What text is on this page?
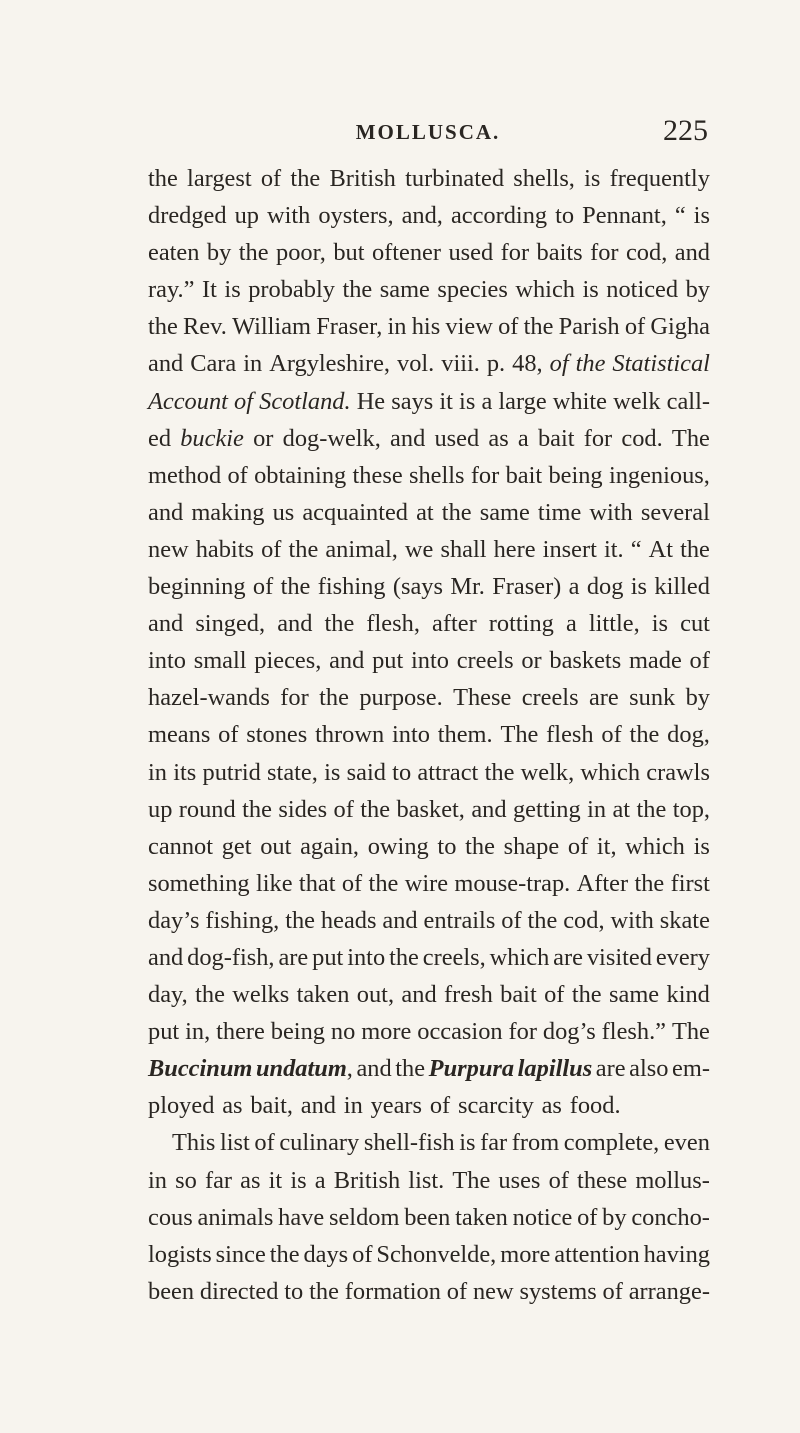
MOLLUSCA.	225
the largest of the British turbinated shells, is frequently
dredged up with oysters, and, according to Pennant, “ is
eaten by the poor, but oftener used for baits for cod, and
ray.” It is probably the same species which is noticed by
the Rev. William Fraser, in his view of the Parish of Gigha
and Cara in Argyleshire, vol. viii. p. 48, of the Statistical
Account of Scotland. He says it is a large white welk call-
ed buckie or dog-welk, and used as a bait for cod. The
method of obtaining these shells for bait being ingenious,
and making us acquainted at the same time with several
new habits of the animal, we shall here insert it. “ At the
beginning of the fishing (says Mr. Fraser) a dog is killed
and singed, and the flesh, after rotting a little, is cut
into small pieces, and put into creels or baskets made of
hazel-wands for the purpose. These creels are sunk by
means of stones thrown into them. The flesh of the dog,
in its putrid state, is said to attract the welk, which crawls
up round the sides of the basket, and getting in at the top,
cannot get out again, owing to the shape of it, which is
something like that of the wire mouse-trap. After the first
day’s fishing, the heads and entrails of the cod, with skate
and dog-fish, are put into the creels, which are visited every
day, the welks taken out, and fresh bait of the same kind
put in, there being no more occasion for dog’s flesh.” The
Buccinum undatum, and the Purpura lapillus are also em-
ployed as bait, and in years of scarcity as food.
This list of culinary shell-fish is far from complete, even
in so far as it is a British list. The uses of these mollus-
cous animals have seldom been taken notice of by concho-
logists since the days of Schonvelde, more attention having
been directed to the formation of new systems of arrange-
